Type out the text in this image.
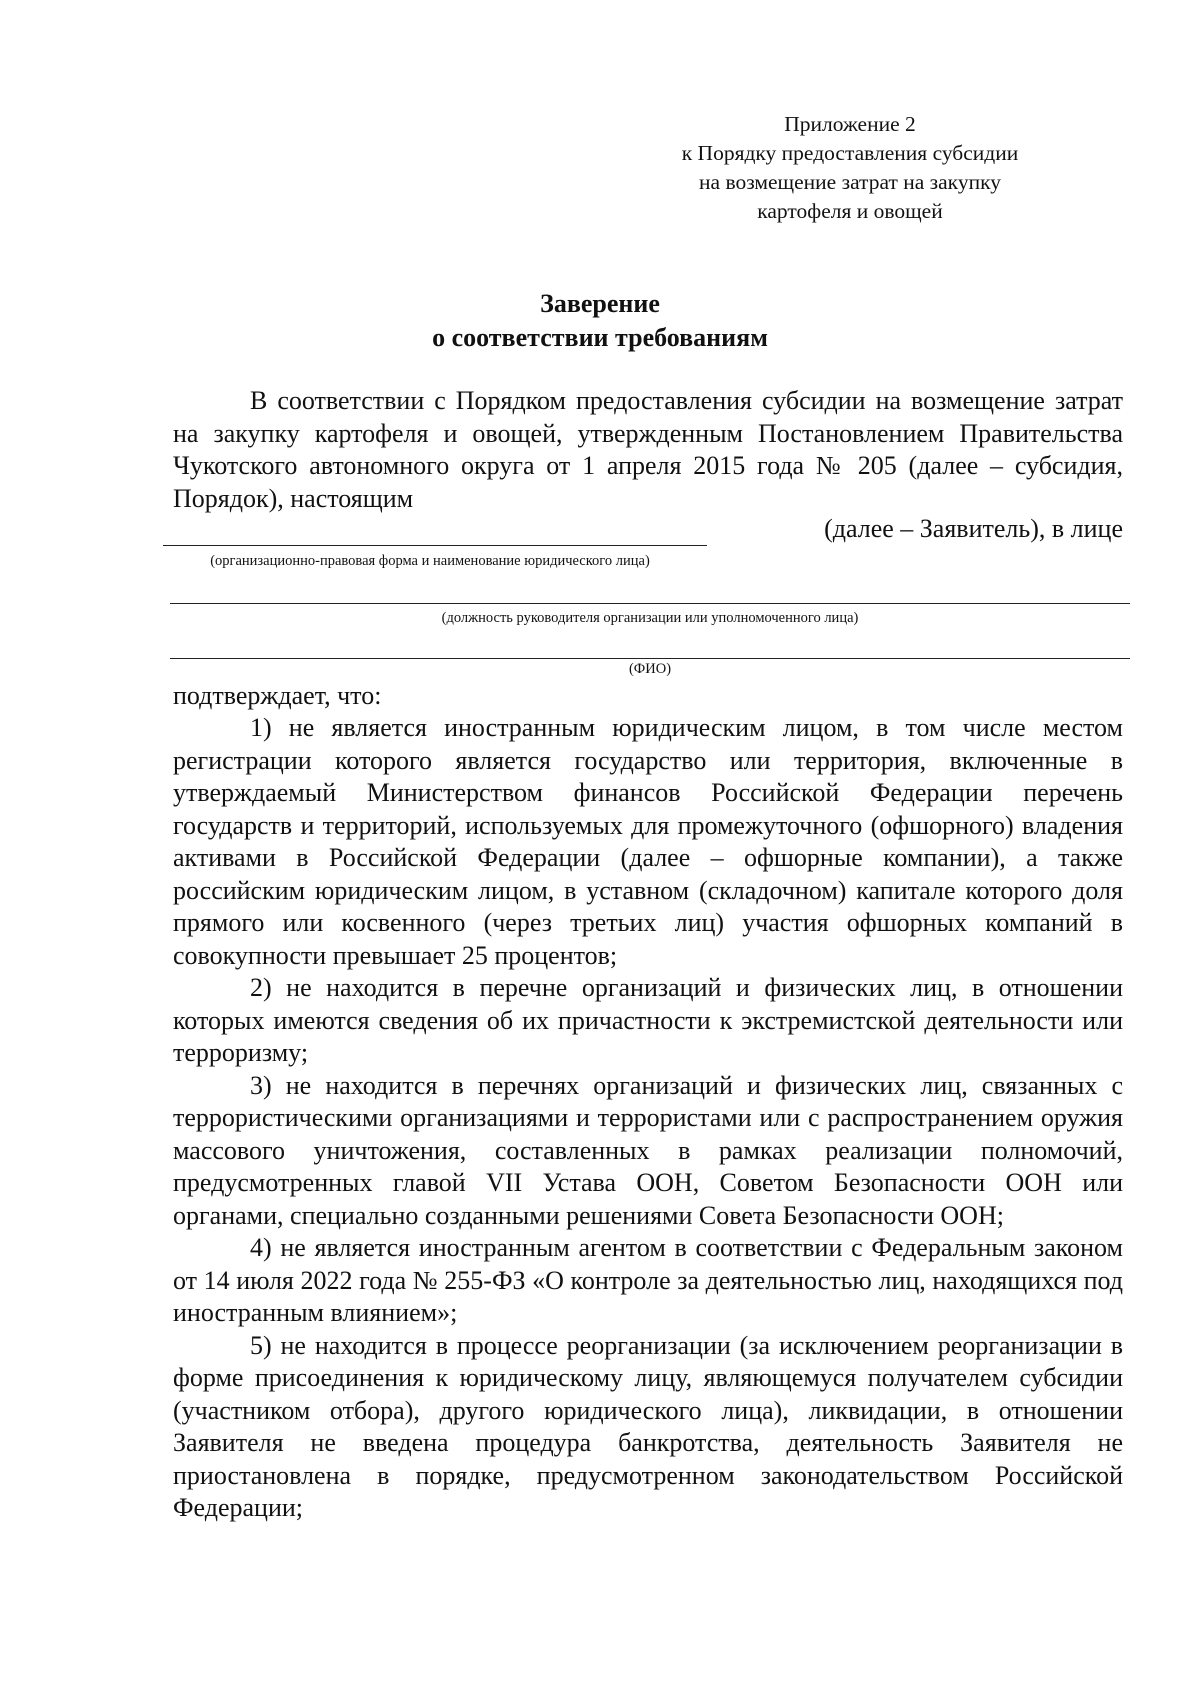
Приложение 2
к Порядку предоставления субсидии
на возмещение затрат на закупку
картофеля и овощей
Заверение
о соответствии требованиям
В соответствии с Порядком предоставления субсидии на возмещение затрат на закупку картофеля и овощей, утвержденным Постановлением Правительства Чукотского автономного округа от 1 апреля 2015 года № 205 (далее – субсидия, Порядок), настоящим
(далее – Заявитель), в лице
(организационно-правовая форма и наименование юридического лица)
(должность руководителя организации или уполномоченного лица)
(ФИО)
подтверждает, что:

1) не является иностранным юридическим лицом, в том числе местом регистрации которого является государство или территория, включенные в утверждаемый Министерством финансов Российской Федерации перечень государств и территорий, используемых для промежуточного (офшорного) владения активами в Российской Федерации (далее – офшорные компании), а также российским юридическим лицом, в уставном (складочном) капитале которого доля прямого или косвенного (через третьих лиц) участия офшорных компаний в совокупности превышает 25 процентов;

2) не находится в перечне организаций и физических лиц, в отношении которых имеются сведения об их причастности к экстремистской деятельности или терроризму;

3) не находится в перечнях организаций и физических лиц, связанных с террористическими организациями и террористами или с распространением оружия массового уничтожения, составленных в рамках реализации полномочий, предусмотренных главой VII Устава ООН, Советом Безопасности ООН или органами, специально созданными решениями Совета Безопасности ООН;

4) не является иностранным агентом в соответствии с Федеральным законом от 14 июля 2022 года № 255-ФЗ «О контроле за деятельностью лиц, находящихся под иностранным влиянием»;

5) не находится в процессе реорганизации (за исключением реорганизации в форме присоединения к юридическому лицу, являющемуся получателем субсидии (участником отбора), другого юридического лица), ликвидации, в отношении Заявителя не введена процедура банкротства, деятельность Заявителя не приостановлена в порядке, предусмотренном законодательством Российской Федерации;
